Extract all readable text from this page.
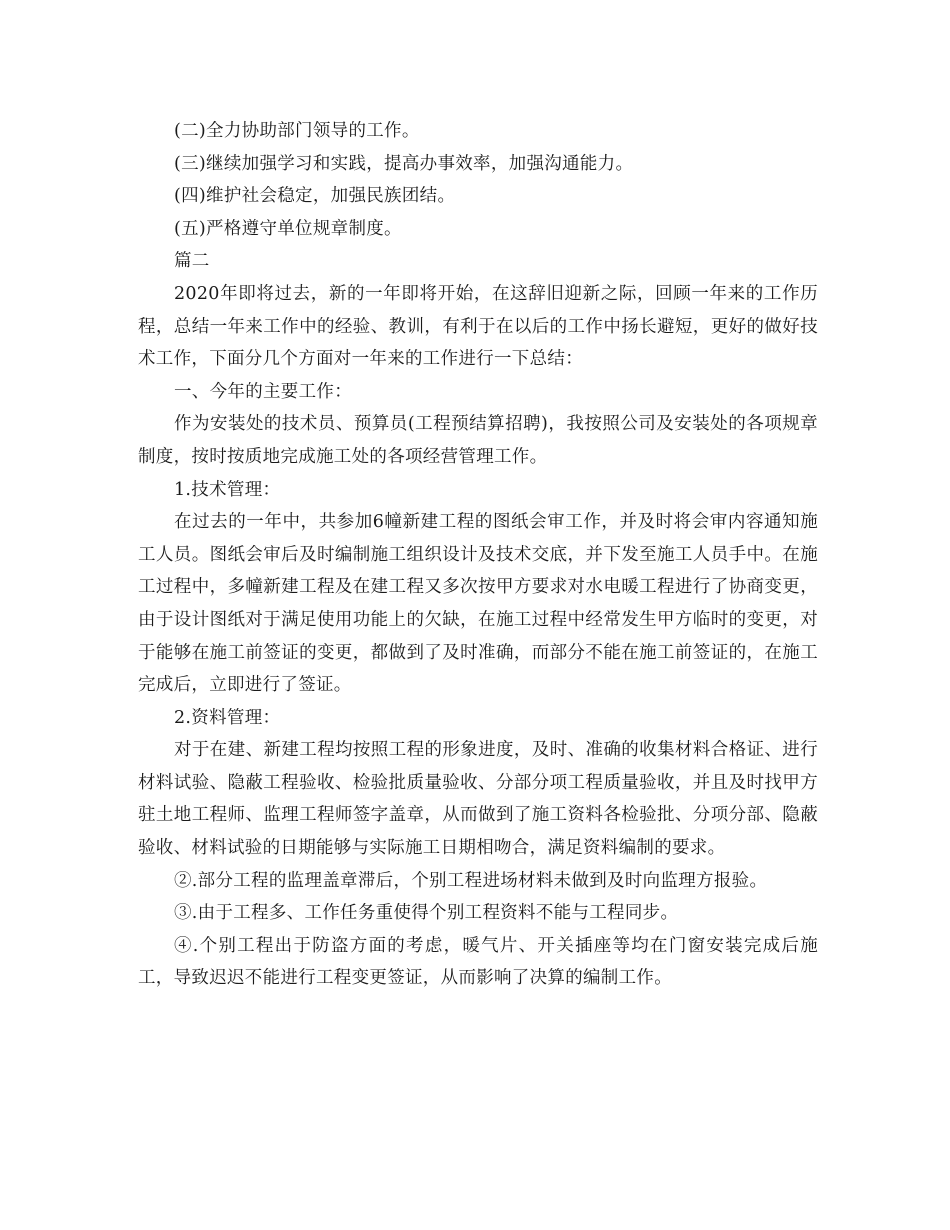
(二)全力协助部门领导的工作。

(三)继续加强学习和实践，提高办事效率，加强沟通能力。

(四)维护社会稳定，加强民族团结。

(五)严格遵守单位规章制度。

篇二

2020年即将过去，新的一年即将开始，在这辞旧迎新之际，回顾一年来的工作历程，总结一年来工作中的经验、教训，有利于在以后的工作中扬长避短，更好的做好技术工作，下面分几个方面对一年来的工作进行一下总结：

一、今年的主要工作：

作为安装处的技术员、预算员(工程预结算招聘)，我按照公司及安装处的各项规章制度，按时按质地完成施工处的各项经营管理工作。

1.技术管理：

在过去的一年中，共参加6幢新建工程的图纸会审工作，并及时将会审内容通知施工人员。图纸会审后及时编制施工组织设计及技术交底，并下发至施工人员手中。在施工过程中，多幢新建工程及在建工程又多次按甲方要求对水电暖工程进行了协商变更，由于设计图纸对于满足使用功能上的欠缺，在施工过程中经常发生甲方临时的变更，对于能够在施工前签证的变更，都做到了及时准确，而部分不能在施工前签证的，在施工完成后，立即进行了签证。

2.资料管理：

对于在建、新建工程均按照工程的形象进度，及时、准确的收集材料合格证、进行材料试验、隐蔽工程验收、检验批质量验收、分部分项工程质量验收，并且及时找甲方驻土地工程师、监理工程师签字盖章，从而做到了施工资料各检验批、分项分部、隐蔽验收、材料试验的日期能够与实际施工日期相吻合，满足资料编制的要求。

②.部分工程的监理盖章滞后，个别工程进场材料未做到及时向监理方报验。

③.由于工程多、工作任务重使得个别工程资料不能与工程同步。

④.个别工程出于防盗方面的考虑，暖气片、开关插座等均在门窗安装完成后施工，导致迟迟不能进行工程变更签证，从而影响了决算的编制工作。
